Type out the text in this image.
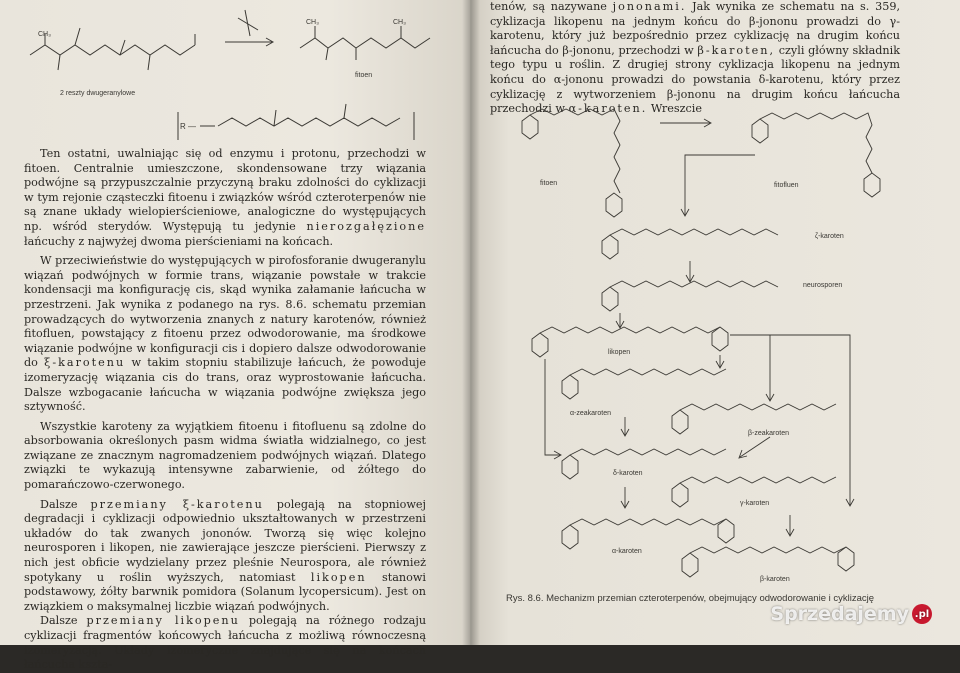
R —
CH₃
CH₃	CH₃
2 reszty dwugeranylowe
fitoen

Ten ostatni, uwalniając się od enzymu i protonu, przechodzi w fitoen. Centralnie umieszczone, skondensowane trzy wiązania podwójne są przypuszczalnie przyczyną braku zdolności do cyklizacji w tym rejonie cząsteczki fitoenu i związków wśród czteroterpenów nie są znane układy wielopierścieniowe, analogiczne do występujących np. wśród sterydów. Występują tu jedynie nierozgałęzione łańcuchy z najwyżej dwoma pierścieniami na końcach.

W przeciwieństwie do występujących w pirofosforanie dwugeranylu wiązań podwójnych w formie trans, wiązanie powstałe w trakcie kondensacji ma konfigurację cis, skąd wynika załamanie łańcucha w przestrzeni. Jak wynika z podanego na rys. 8.6. schematu przemian prowadzących do wytworzenia znanych z natury karotenów, również fitofluen, powstający z fitoenu przez odwodorowanie, ma środkowe wiązanie podwójne w konfiguracji cis i dopiero dalsze odwodorowanie do ξ-karotenu w takim stopniu stabilizuje łańcuch, że powoduje izomeryzację wiązania cis do trans, oraz wyprostowanie łańcucha. Dalsze wzbogacanie łańcucha w wiązania podwójne zwiększa jego sztywność.

Wszystkie karoteny za wyjątkiem fitoenu i fitofluenu są zdolne do absorbowania określonych pasm widma światła widzialnego, co jest związane ze znacznym nagromadzeniem podwójnych wiązań. Dlatego związki te wykazują intensywne zabarwienie, od żółtego do pomarańczowo-czerwonego.

Dalsze przemiany ξ-karotenu polegają na stopniowej degradacji i cyklizacji odpowiednio ukształtowanych w przestrzeni układów do tak zwanych jononów. Tworzą się więc kolejno neurosporen i likopen, nie zawierające jeszcze pierścieni. Pierwszy z nich jest obficie wydzielany przez pleśnie Neurospora, ale również spotykany u roślin wyższych, natomiast likopen stanowi podstawowy, żółty barwnik pomidora (Solanum lycopersicum). Jest on związkiem o maksymalnej liczbie wiązań podwójnych.

Dalsze przemiany likopenu polegają na różnego rodzaju cyklizacji fragmentów końcowych łańcucha z możliwą równoczesną izomeryzacją. Układy izomeryczne znajdujące się na końcach łańcucha kszta-

tenów, są nazywane jononami. Jak wynika ze schematu na s. 359, cyklizacja likopenu na jednym końcu do β-jononu prowadzi do γ-karotenu, który już bezpośrednio przez cyklizację na drugim końcu łańcucha do β-jononu, przechodzi w β-karoten, czyli główny składnik tego typu u roślin. Z drugiej strony cyklizacja likopenu na jednym końcu do α-jononu prowadzi do powstania δ-karotenu, który przez cyklizację z wytworzeniem β-jononu na drugim końcu łańcucha przechodzi w α-karoten. Wreszcie

fitoen	fitofluen
ζ-karoten
neurosporen
likopen
α-zeakaroten
β-zeakaroten
δ-karoten
γ-karoten
α-karoten
β-karoten
Rys. 8.6. Mechanizm przemian czteroterpenów, obejmujący odwodorowanie i cyklizację
Sprzedajemy .pl
